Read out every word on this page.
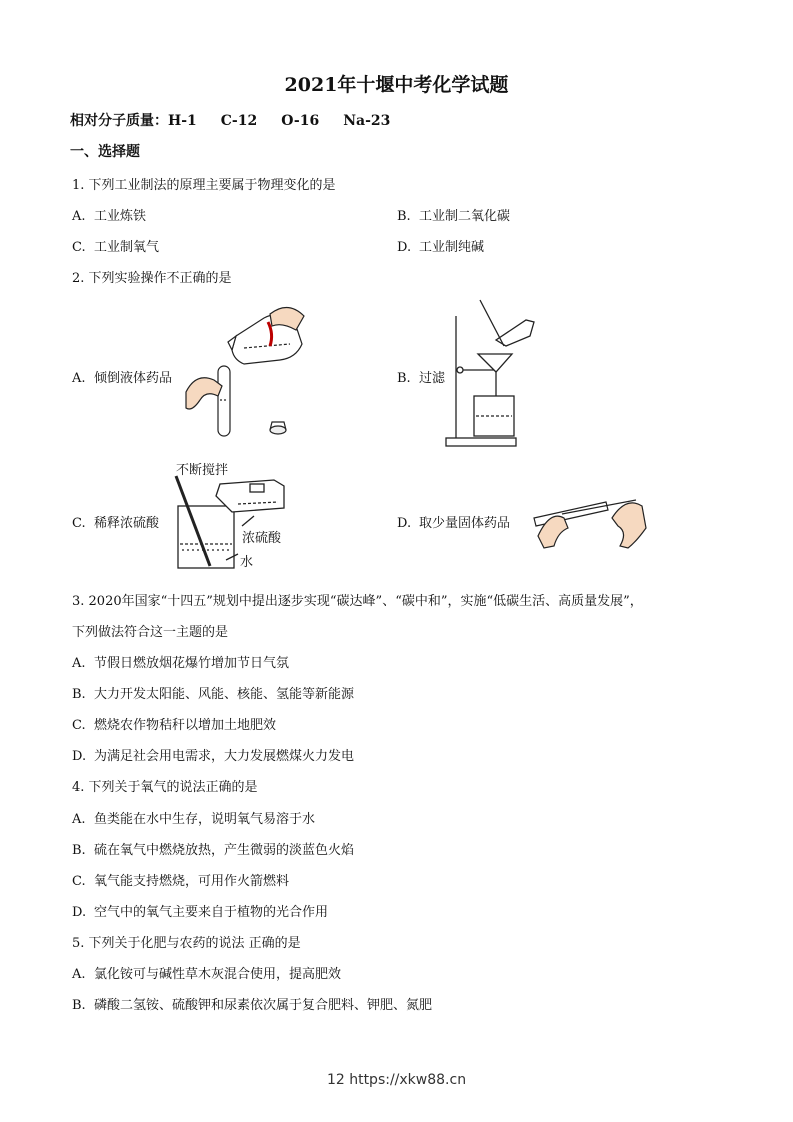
2021年十堰中考化学试题
相对分子质量：H-1 C-12 O-16 Na-23
一、选择题
1. 下列工业制法的原理主要属于物理变化的是
A. 工业炼铁	B. 工业制二氧化碳
C. 工业制氧气	D. 工业制纯碱
2. 下列实验操作不正确的是
A. 倾倒液体药品	B. 过滤
C. 稀释浓硫酸	D. 取少量固体药品
不断搅拌
浓硫酸
水
3. 2020年国家“十四五”规划中提出逐步实现“碳达峰”、“碳中和”，实施“低碳生活、高质量发展”，
下列做法符合这一主题的是
A. 节假日燃放烟花爆竹增加节日气氛
B. 大力开发太阳能、风能、核能、氢能等新能源
C. 燃烧农作物秸秆以增加土地肥效
D. 为满足社会用电需求，大力发展燃煤火力发电
4. 下列关于氧气的说法正确的是
A. 鱼类能在水中生存，说明氧气易溶于水
B. 硫在氧气中燃烧放热，产生微弱的淡蓝色火焰
C. 氧气能支持燃烧，可用作火箭燃料
D. 空气中的氧气主要来自于植物的光合作用
5. 下列关于化肥与农药的说法 正确的是
A. 氯化铵可与碱性草木灰混合使用，提高肥效
B. 磷酸二氢铵、硫酸钾和尿素依次属于复合肥料、钾肥、氮肥
12 https://xkw88.cn
